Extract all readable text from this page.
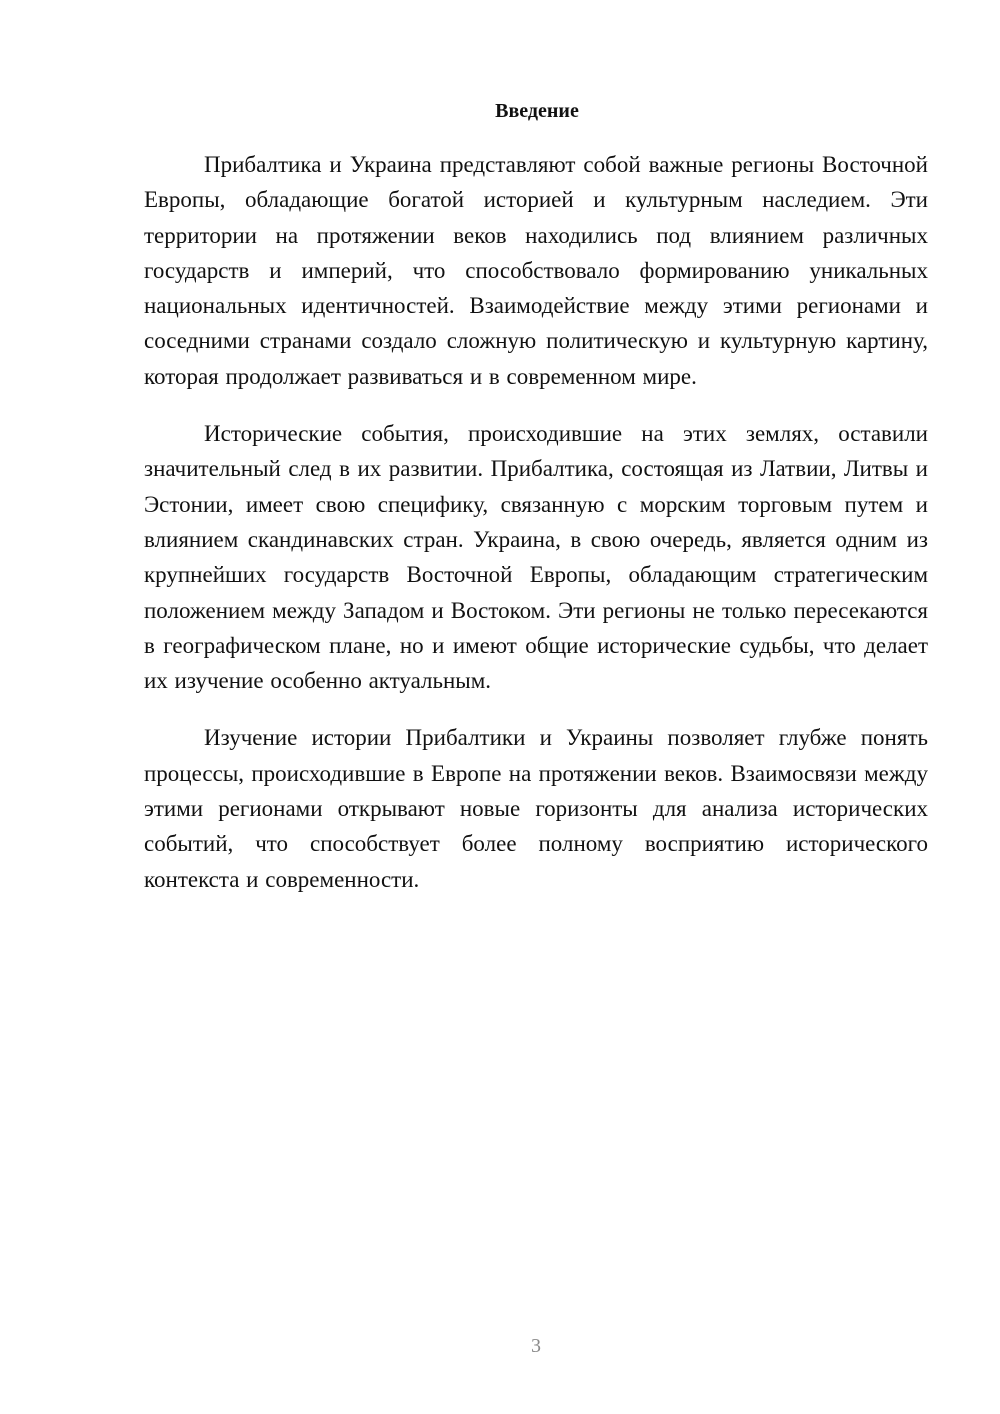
Введение

Прибалтика и Украина представляют собой важные регионы Восточной Европы, обладающие богатой историей и культурным наследием. Эти территории на протяжении веков находились под влиянием различных государств и империй, что способствовало формированию уникальных национальных идентичностей. Взаимодействие между этими регионами и соседними странами создало сложную политическую и культурную картину, которая продолжает развиваться и в современном мире.

Исторические события, происходившие на этих землях, оставили значительный след в их развитии. Прибалтика, состоящая из Латвии, Литвы и Эстонии, имеет свою специфику, связанную с морским торговым путем и влиянием скандинавских стран. Украина, в свою очередь, является одним из крупнейших государств Восточной Европы, обладающим стратегическим положением между Западом и Востоком. Эти регионы не только пересекаются в географическом плане, но и имеют общие исторические судьбы, что делает их изучение особенно актуальным.

Изучение истории Прибалтики и Украины позволяет глубже понять процессы, происходившие в Европе на протяжении веков. Взаимосвязи между этими регионами открывают новые горизонты для анализа исторических событий, что способствует более полному восприятию исторического контекста и современности.

3
